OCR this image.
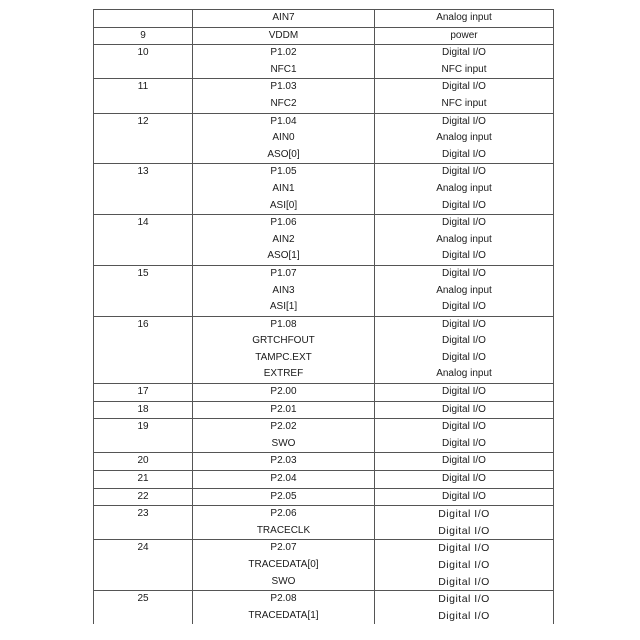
	AIN7	Analog input
9	VDDM	power
10	P1.02	Digital I/O
	NFC1	NFC input
11	P1.03	Digital I/O
	NFC2	NFC input
12	P1.04	Digital I/O
	AIN0	Analog input
	ASO[0]	Digital I/O
13	P1.05	Digital I/O
	AIN1	Analog input
	ASI[0]	Digital I/O
14	P1.06	Digital I/O
	AIN2	Analog input
	ASO[1]	Digital I/O
15	P1.07	Digital I/O
	AIN3	Analog input
	ASI[1]	Digital I/O
16	P1.08	Digital I/O
	GRTCHFOUT	Digital I/O
	TAMPC.EXT	Digital I/O
	EXTREF	Analog input
17	P2.00	Digital I/O
18	P2.01	Digital I/O
19	P2.02	Digital I/O
	SWO	Digital I/O
20	P2.03	Digital I/O
21	P2.04	Digital I/O
22	P2.05	Digital I/O
23	P2.06	Digital I/O
	TRACECLK	Digital I/O
24	P2.07	Digital I/O
	TRACEDATA[0]	Digital I/O
	SWO	Digital I/O
25	P2.08	Digital I/O
	TRACEDATA[1]	Digital I/O
